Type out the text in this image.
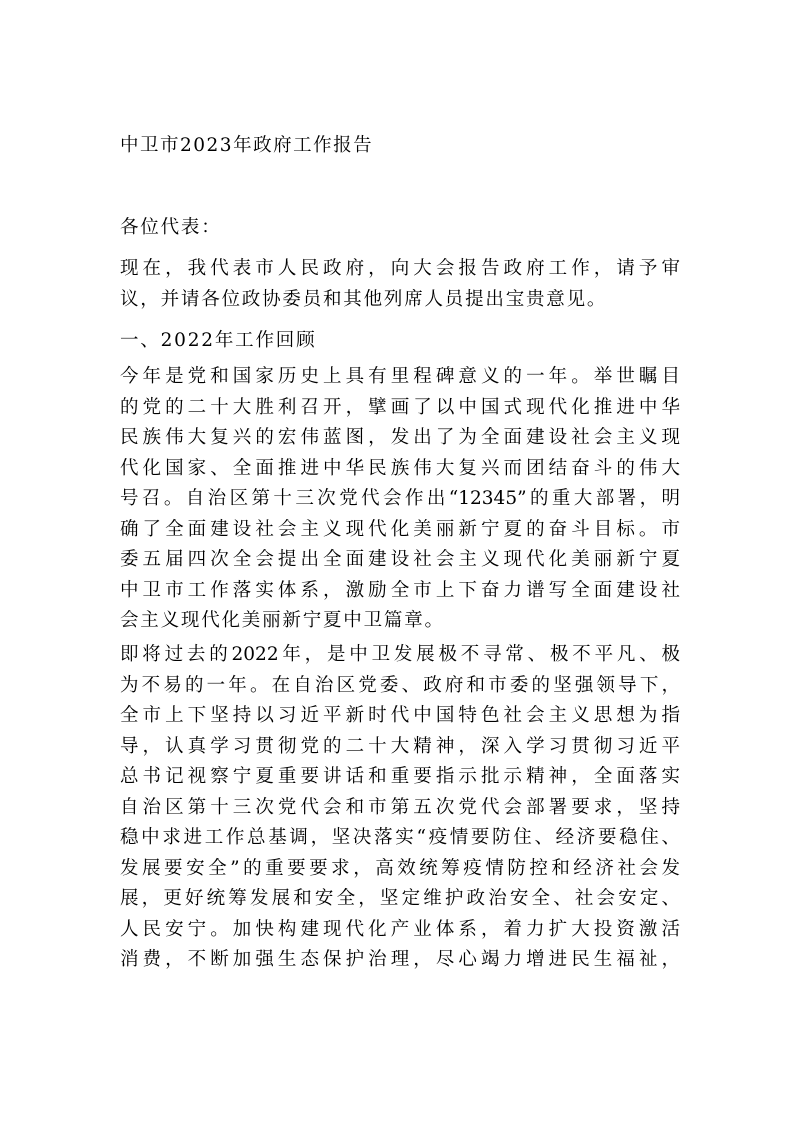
中卫市2023年政府工作报告
各位代表：
现在，我代表市人民政府，向大会报告政府工作，请予审
议，并请各位政协委员和其他列席人员提出宝贵意见。
一、2022年工作回顾
今年是党和国家历史上具有里程碑意义的一年。举世瞩目
的党的二十大胜利召开，擘画了以中国式现代化推进中华
民族伟大复兴的宏伟蓝图，发出了为全面建设社会主义现
代化国家、全面推进中华民族伟大复兴而团结奋斗的伟大
号召。自治区第十三次党代会作出“12345”的重大部署，明
确了全面建设社会主义现代化美丽新宁夏的奋斗目标。市
委五届四次全会提出全面建设社会主义现代化美丽新宁夏
中卫市工作落实体系，激励全市上下奋力谱写全面建设社
会主义现代化美丽新宁夏中卫篇章。
即将过去的2022年，是中卫发展极不寻常、极不平凡、极
为不易的一年。在自治区党委、政府和市委的坚强领导下，
全市上下坚持以习近平新时代中国特色社会主义思想为指
导，认真学习贯彻党的二十大精神，深入学习贯彻习近平
总书记视察宁夏重要讲话和重要指示批示精神，全面落实
自治区第十三次党代会和市第五次党代会部署要求，坚持
稳中求进工作总基调，坚决落实“疫情要防住、经济要稳住、
发展要安全”的重要要求，高效统筹疫情防控和经济社会发
展，更好统筹发展和安全，坚定维护政治安全、社会安定、
人民安宁。加快构建现代化产业体系，着力扩大投资激活
消费，不断加强生态保护治理，尽心竭力增进民生福祉，
